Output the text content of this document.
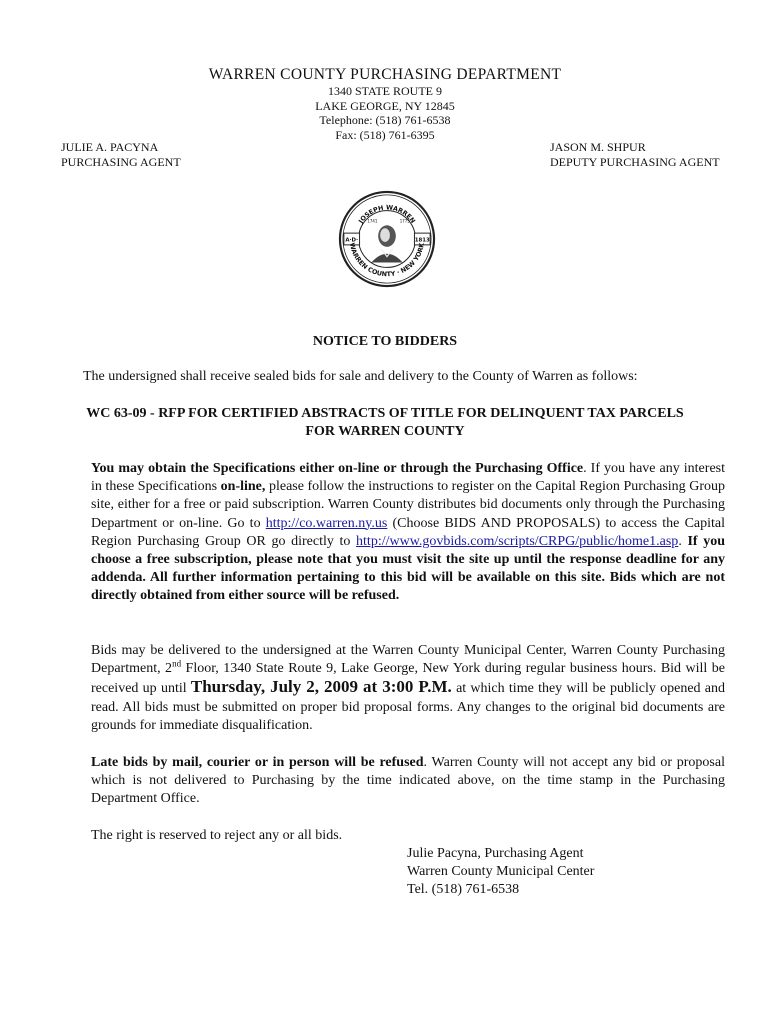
WARREN COUNTY PURCHASING DEPARTMENT
1340 STATE ROUTE 9
LAKE GEORGE, NY 12845
Telephone: (518) 761-6538
Fax: (518) 761-6395
JULIE A. PACYNA
PURCHASING AGENT
JASON M. SHPUR
DEPUTY PURCHASING AGENT
JOSEPH WARREN
1741	1775
A·D·	1813
WARREN COUNTY · NEW YORK
NOTICE TO BIDDERS
The undersigned shall receive sealed bids for sale and delivery to the County of Warren as follows:
WC 63-09 - RFP FOR CERTIFIED ABSTRACTS OF TITLE FOR DELINQUENT TAX PARCELS
FOR WARREN COUNTY
You may obtain the Specifications either on-line or through the Purchasing Office. If you have any interest in these Specifications on-line, please follow the instructions to register on the Capital Region Purchasing Group site, either for a free or paid subscription. Warren County distributes bid documents only through the Purchasing Department or on-line. Go to http://co.warren.ny.us (Choose BIDS AND PROPOSALS) to access the Capital Region Purchasing Group OR go directly to http://www.govbids.com/scripts/CRPG/public/home1.asp. If you choose a free subscription, please note that you must visit the site up until the response deadline for any addenda. All further information pertaining to this bid will be available on this site. Bids which are not directly obtained from either source will be refused.
Bids may be delivered to the undersigned at the Warren County Municipal Center, Warren County Purchasing Department, 2nd Floor, 1340 State Route 9, Lake George, New York during regular business hours. Bid will be received up until Thursday, July 2, 2009 at 3:00 P.M. at which time they will be publicly opened and read. All bids must be submitted on proper bid proposal forms. Any changes to the original bid documents are grounds for immediate disqualification.
Late bids by mail, courier or in person will be refused. Warren County will not accept any bid or proposal which is not delivered to Purchasing by the time indicated above, on the time stamp in the Purchasing Department Office.
The right is reserved to reject any or all bids.
Julie Pacyna, Purchasing Agent
Warren County Municipal Center
Tel. (518) 761-6538
